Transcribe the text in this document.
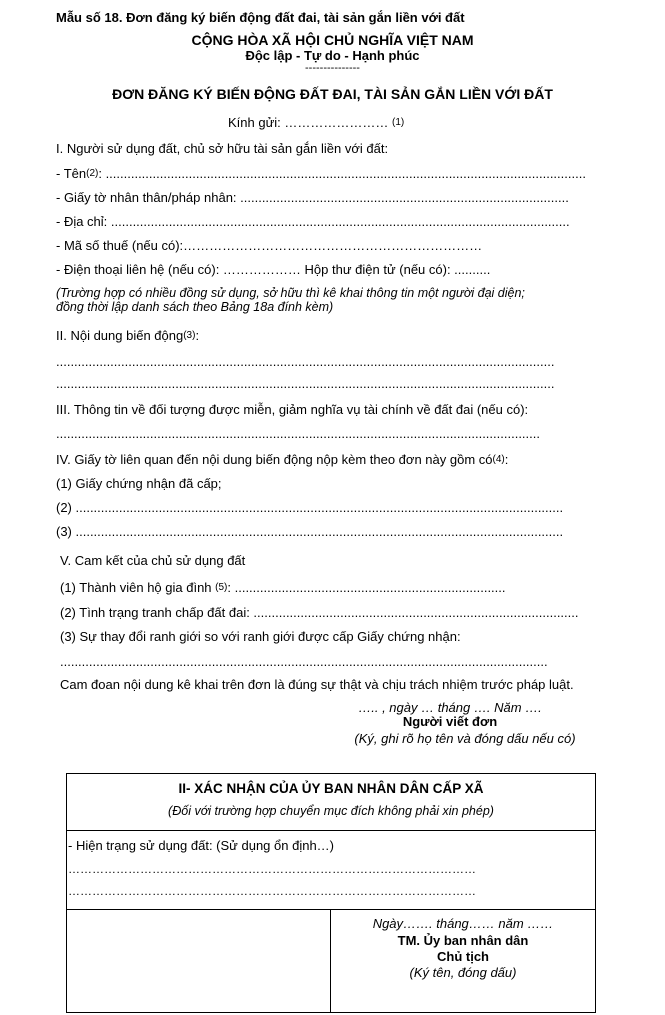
Mẫu số 18. Đơn đăng ký biến động đất đai, tài sản gắn liền với đất
CỘNG HÒA XÃ HỘI CHỦ NGHĨA VIỆT NAM
Độc lập - Tự do - Hạnh phúc
---------------
ĐƠN ĐĂNG KÝ BIẾN ĐỘNG ĐẤT ĐAI, TÀI SẢN GẮN LIỀN VỚI ĐẤT
Kính gửi: …………………… $^{(1)}$
I. Người sử dụng đất, chủ sở hữu tài sản gắn liền với đất:
- Tên$^{(2)}$: .....................................................................................................................................
- Giấy tờ nhân thân/pháp nhân: ...........................................................................................
- Địa chỉ: ...............................................................................................................................
- Mã số thuế (nếu có):……………………………………………………………
- Điện thoại liên hệ (nếu có): ……………… Hộp thư điện tử (nếu có): ..........
(Trường hợp có nhiều đồng sử dụng, sở hữu thì kê khai thông tin một người đại diện;
đồng thời lập danh sách theo Bảng 18a đính kèm)
II. Nội dung biến động$^{(3)}$:
..........................................................................................................................................
..........................................................................................................................................
III. Thông tin về đối tượng được miễn, giảm nghĩa vụ tài chính về đất đai (nếu có):
......................................................................................................................................
IV. Giấy tờ liên quan đến nội dung biến động nộp kèm theo đơn này gồm $có^{(4)}$:
(1) Giấy chứng nhận đã cấp;
(2) .......................................................................................................................................
(3) .......................................................................................................................................
V. Cam kết của chủ sử dụng đất
(1) Thành viên hộ gia đình $^{(5)}$: ...........................................................................
(2) Tình trạng tranh chấp đất đai: ..........................................................................................
(3) Sự thay đổi ranh giới so với ranh giới được cấp Giấy chứng nhận:
.......................................................................................................................................
Cam đoan nội dung kê khai trên đơn là đúng sự thật và chịu trách nhiệm trước pháp luật.
….. , ngày … tháng …. Năm ….
Người viết đơn
(Ký, ghi rõ họ tên và đóng dấu nếu có)
II- XÁC NHẬN CỦA ỦY BAN NHÂN DÂN CẤP XÃ
(Đối với trường hợp chuyển mục đích không phải xin phép)
- Hiện trạng sử dụng đất: (Sử dụng ổn định…)
…………………………………………………………………………………………
…………………………………………………………………………………………
Ngày……. tháng…… năm ……
TM. Ủy ban nhân dân
Chủ tịch
(Ký tên, đóng dấu)
